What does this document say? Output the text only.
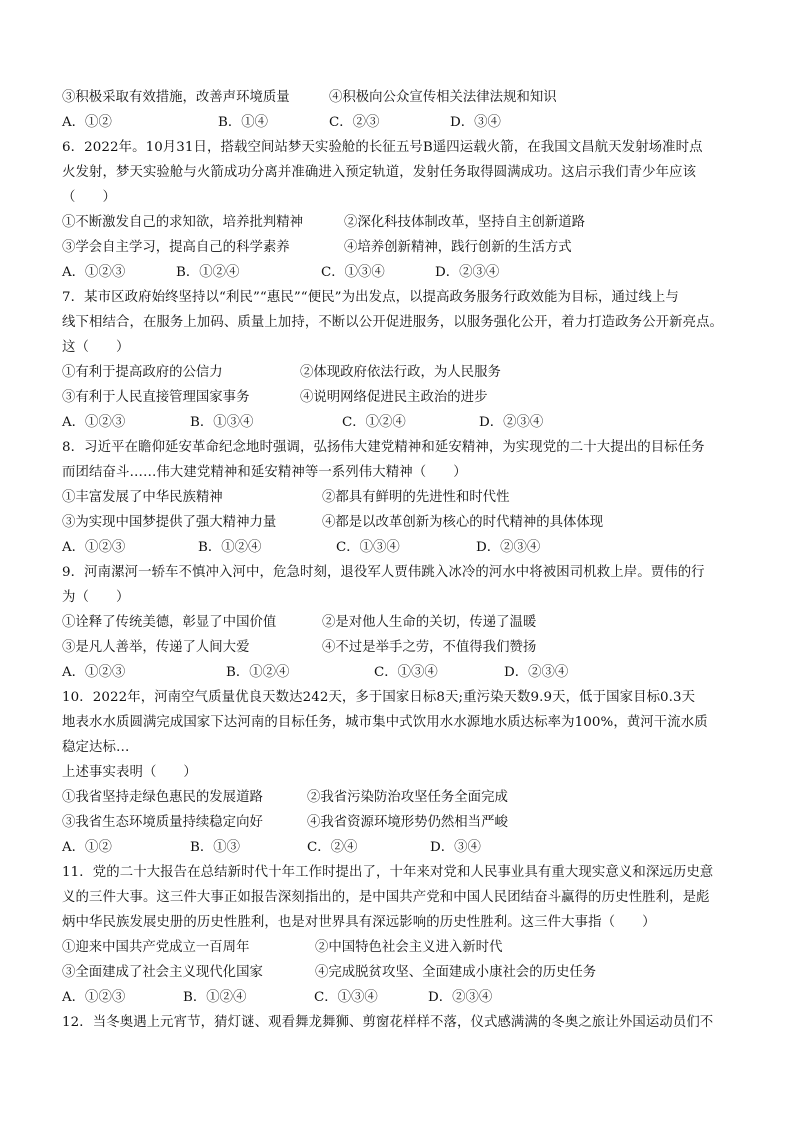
③积极采取有效措施，改善声环境质量	④积极向公众宣传相关法律法规和知识
A．①②	B．①④	C．②③	D．③④
6．2022年。10月31日，搭载空间站梦天实验舱的长征五号B遥四运载火箭，在我国文昌航天发射场准时点
火发射，梦天实验舱与火箭成功分离并准确进入预定轨道，发射任务取得圆满成功。这启示我们青少年应该
（　　）
①不断激发自己的求知欲，培养批判精神	②深化科技体制改革，坚持自主创新道路
③学会自主学习，提高自己的科学素养	④培养创新精神，践行创新的生活方式
A．①②③	B．①②④	C．①③④	D．②③④
7．某市区政府始终坚持以“利民”“惠民”“便民”为出发点，以提高政务服务行政效能为目标，通过线上与
线下相结合，在服务上加码、质量上加持，不断以公开促进服务，以服务强化公开，着力打造政务公开新亮点。
这（　　）
①有利于提高政府的公信力	②体现政府依法行政，为人民服务
③有利于人民直接管理国家事务	④说明网络促进民主政治的进步
A．①②③	B．①③④	C．①②④	D．②③④
8．习近平在瞻仰延安革命纪念地时强调，弘扬伟大建党精神和延安精神，为实现党的二十大提出的目标任务
而团结奋斗……伟大建党精神和延安精神等一系列伟大精神（　　）
①丰富发展了中华民族精神	②都具有鲜明的先进性和时代性
③为实现中国梦提供了强大精神力量	④都是以改革创新为核心的时代精神的具体体现
A．①②③	B．①②④	C．①③④	D．②③④
9．河南漯河一轿车不慎冲入河中，危急时刻，退役军人贾伟跳入冰冷的河水中将被困司机救上岸。贾伟的行
为（　　）
①诠释了传统美德，彰显了中国价值	②是对他人生命的关切，传递了温暖
③是凡人善举，传递了人间大爱	④不过是举手之劳，不值得我们赞扬
A．①②③	B．①②④	C．①③④	D．②③④
10．2022年，河南空气质量优良天数达242天，多于国家日标8天;重污染天数9.9天，低于国家目标0.3天
地表水水质圆满完成国家下达河南的目标任务，城市集中式饮用水水源地水质达标率为100%，黄河干流水质
稳定达标…
上述事实表明（　　）
①我省坚持走绿色惠民的发展道路	②我省污染防治攻坚任务全面完成
③我省生态环境质量持续稳定向好	④我省资源环境形势仍然相当严峻
A．①②	B．①③	C．②④	D．③④
11．党的二十大报告在总结新时代十年工作时提出了，十年来对党和人民事业具有重大现实意义和深远历史意
义的三件大事。这三件大事正如报告深刻指出的，是中国共产党和中国人民团结奋斗赢得的历史性胜利，是彪
炳中华民族发展史册的历史性胜利，也是对世界具有深远影响的历史性胜利。这三件大事指（　　）
①迎来中国共产党成立一百周年	②中国特色社会主义进入新时代
③全面建成了社会主义现代化国家	④完成脱贫攻坚、全面建成小康社会的历史任务
A．①②③	B．①②④	C．①③④	D．②③④
12．当冬奥遇上元宵节，猜灯谜、观看舞龙舞狮、剪窗花样样不落，仪式感满满的冬奥之旅让外国运动员们不
